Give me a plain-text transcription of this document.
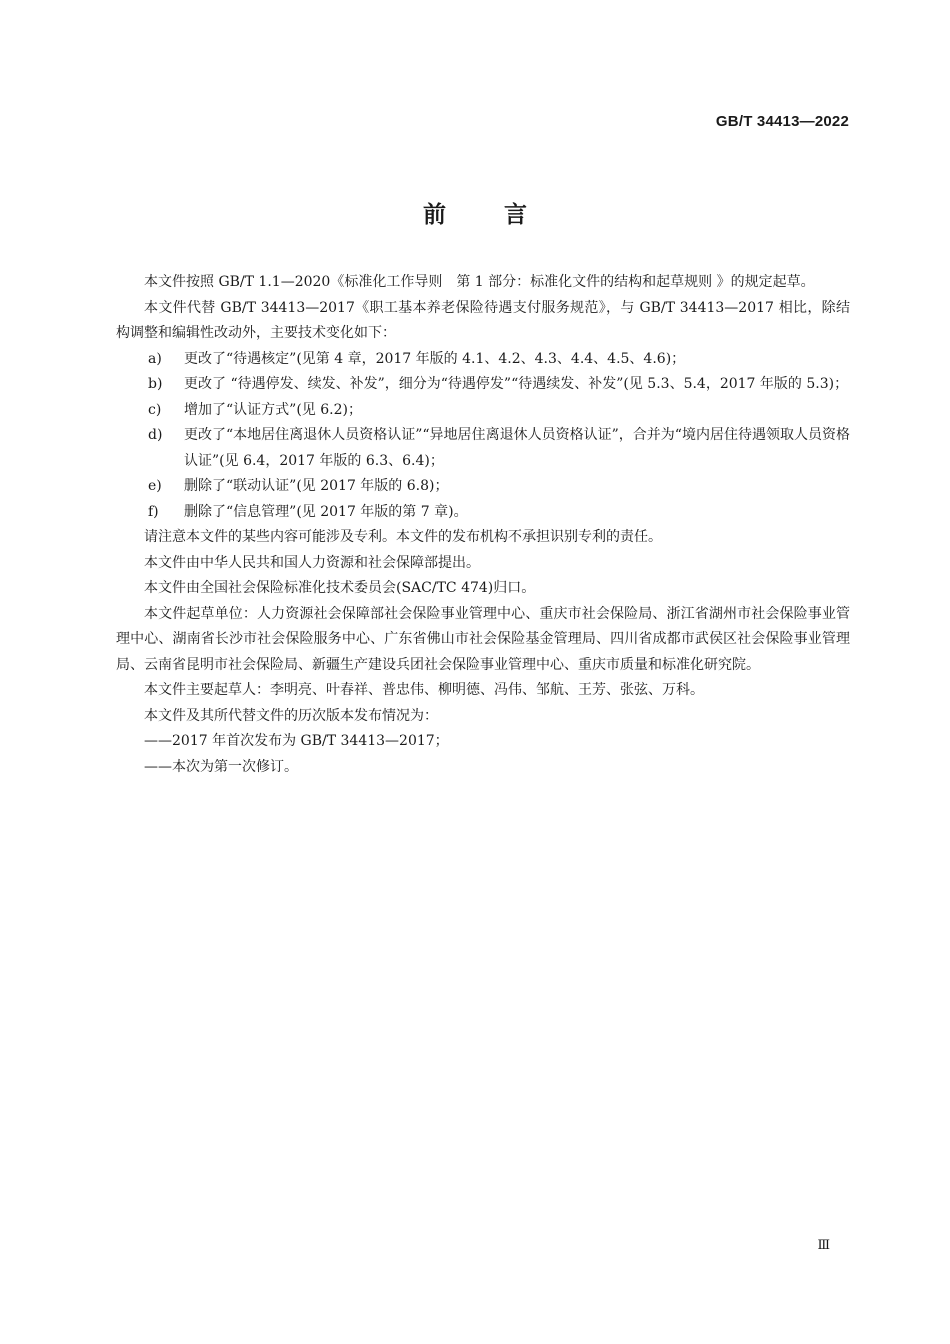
GB/T 34413—2022
前言

本文件按照 GB/T 1.1—2020《标准化工作导则　第 1 部分：标准化文件的结构和起草规则 》的规定起草。

本文件代替 GB/T 34413—2017《职工基本养老保险待遇支付服务规范》，与 GB/T 34413—2017 相比，除结构调整和编辑性改动外，主要技术变化如下：

a)	更改了“待遇核定”(见第 4 章，2017 年版的 4.1、4.2、4.3、4.4、4.5、4.6)；
b)	更改了 “待遇停发、续发、补发”，细分为“待遇停发”“待遇续发、补发”(见 5.3、5.4，2017 年版的 5.3)；
c)	增加了“认证方式”(见 6.2)；
d)	更改了“本地居住离退休人员资格认证”“异地居住离退休人员资格认证”，合并为“境内居住待遇领取人员资格认证”(见 6.4，2017 年版的 6.3、6.4)；
e)	删除了“联动认证”(见 2017 年版的 6.8)；
f)	删除了“信息管理”(见 2017 年版的第 7 章)。

请注意本文件的某些内容可能涉及专利。本文件的发布机构不承担识别专利的责任。

本文件由中华人民共和国人力资源和社会保障部提出。

本文件由全国社会保险标准化技术委员会(SAC/TC 474)归口。

本文件起草单位：人力资源社会保障部社会保险事业管理中心、重庆市社会保险局、浙江省湖州市社会保险事业管理中心、湖南省长沙市社会保险服务中心、广东省佛山市社会保险基金管理局、四川省成都市武侯区社会保险事业管理局、云南省昆明市社会保险局、新疆生产建设兵团社会保险事业管理中心、重庆市质量和标准化研究院。

本文件主要起草人：李明亮、叶春祥、普忠伟、柳明德、冯伟、邹航、王芳、张弦、万科。

本文件及其所代替文件的历次版本发布情况为：

——2017 年首次发布为 GB/T 34413—2017；

——本次为第一次修订。

Ⅲ
